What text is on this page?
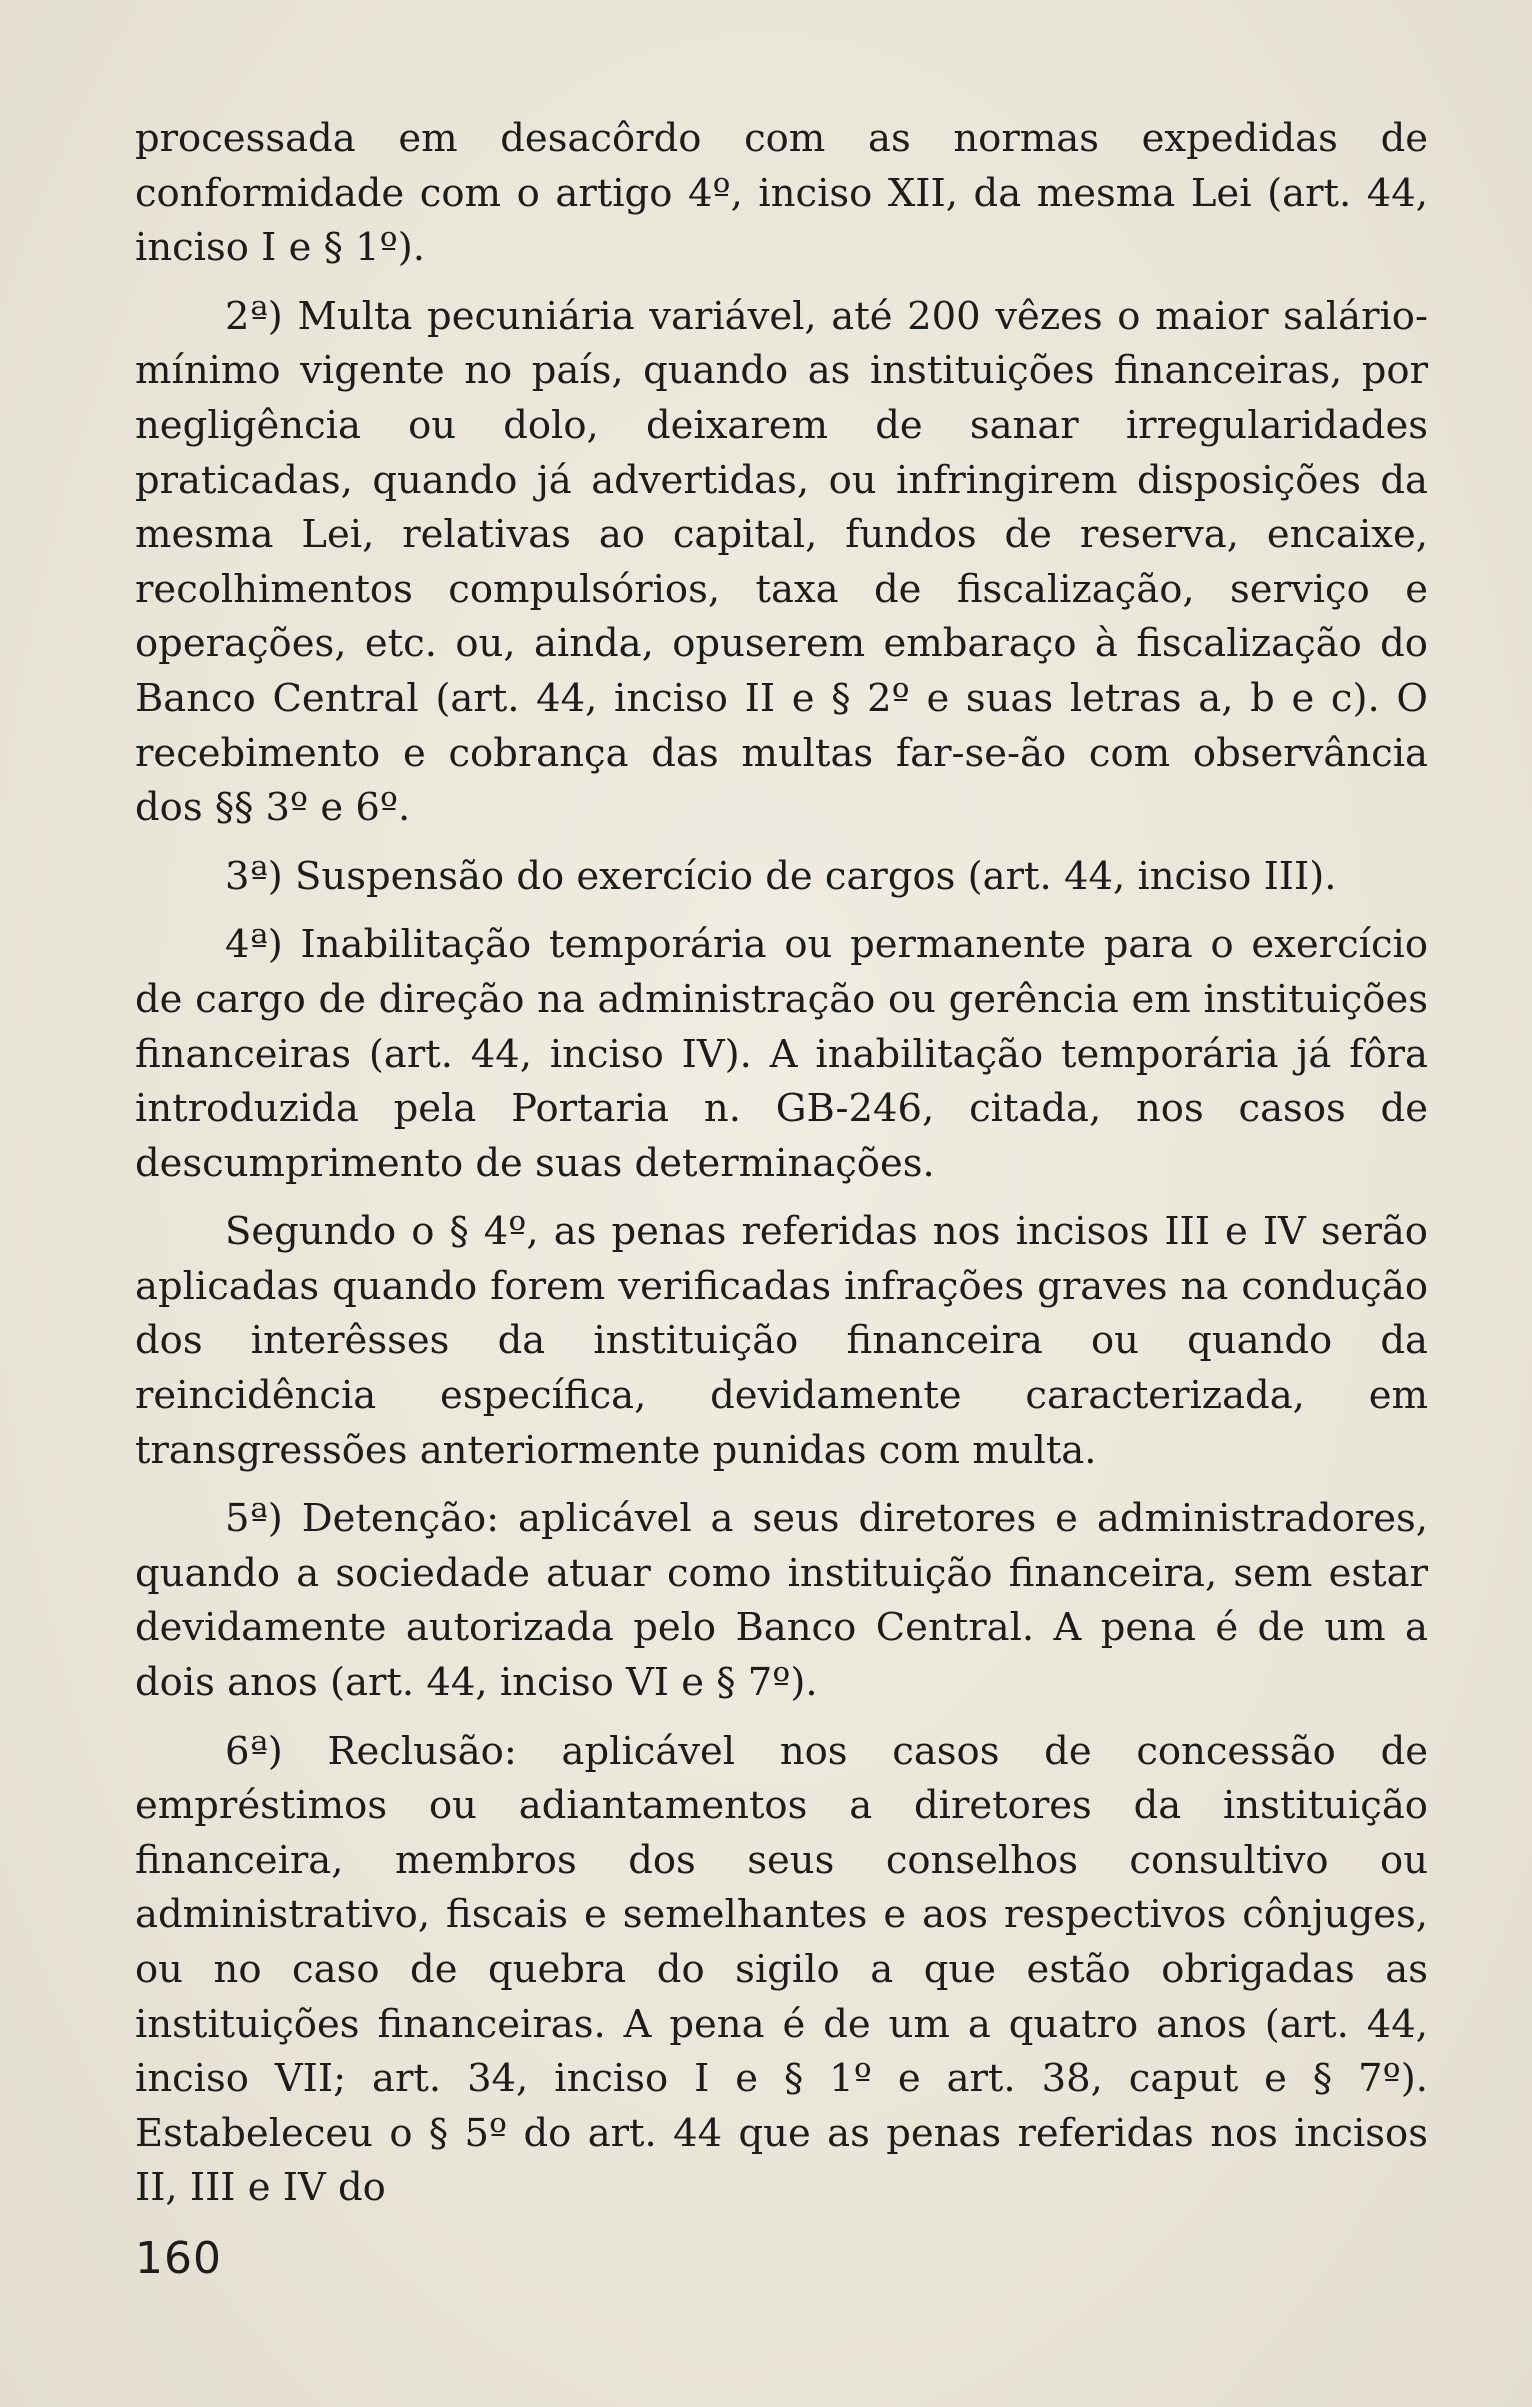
processada em desacôrdo com as normas expedidas de conformidade com o artigo 4º, inciso XII, da mesma Lei (art. 44, inciso I e § 1º).

2ª) Multa pecuniária variável, até 200 vêzes o maior salário-mínimo vigente no país, quando as instituições financeiras, por negligência ou dolo, deixarem de sanar irregularidades praticadas, quando já advertidas, ou infringirem disposições da mesma Lei, relativas ao capital, fundos de reserva, encaixe, recolhimentos compulsórios, taxa de fiscalização, serviço e operações, etc. ou, ainda, opuserem embaraço à fiscalização do Banco Central (art. 44, inciso II e § 2º e suas letras a, b e c). O recebimento e cobrança das multas far-se-ão com observância dos §§ 3º e 6º.

3ª) Suspensão do exercício de cargos (art. 44, inciso III).

4ª) Inabilitação temporária ou permanente para o exercício de cargo de direção na administração ou gerência em instituições financeiras (art. 44, inciso IV). A inabilitação temporária já fôra introduzida pela Portaria n. GB-246, citada, nos casos de descumprimento de suas determinações.

Segundo o § 4º, as penas referidas nos incisos III e IV serão aplicadas quando forem verificadas infrações graves na condução dos interêsses da instituição financeira ou quando da reincidência específica, devidamente caracterizada, em transgressões anteriormente punidas com multa.

5ª) Detenção: aplicável a seus diretores e administradores, quando a sociedade atuar como instituição financeira, sem estar devidamente autorizada pelo Banco Central. A pena é de um a dois anos (art. 44, inciso VI e § 7º).

6ª) Reclusão: aplicável nos casos de concessão de empréstimos ou adiantamentos a diretores da instituição financeira, membros dos seus conselhos consultivo ou administrativo, fiscais e semelhantes e aos respectivos cônjuges, ou no caso de quebra do sigilo a que estão obrigadas as instituições financeiras. A pena é de um a quatro anos (art. 44, inciso VII; art. 34, inciso I e § 1º e art. 38, caput e § 7º). Estabeleceu o § 5º do art. 44 que as penas referidas nos incisos II, III e IV do

160
